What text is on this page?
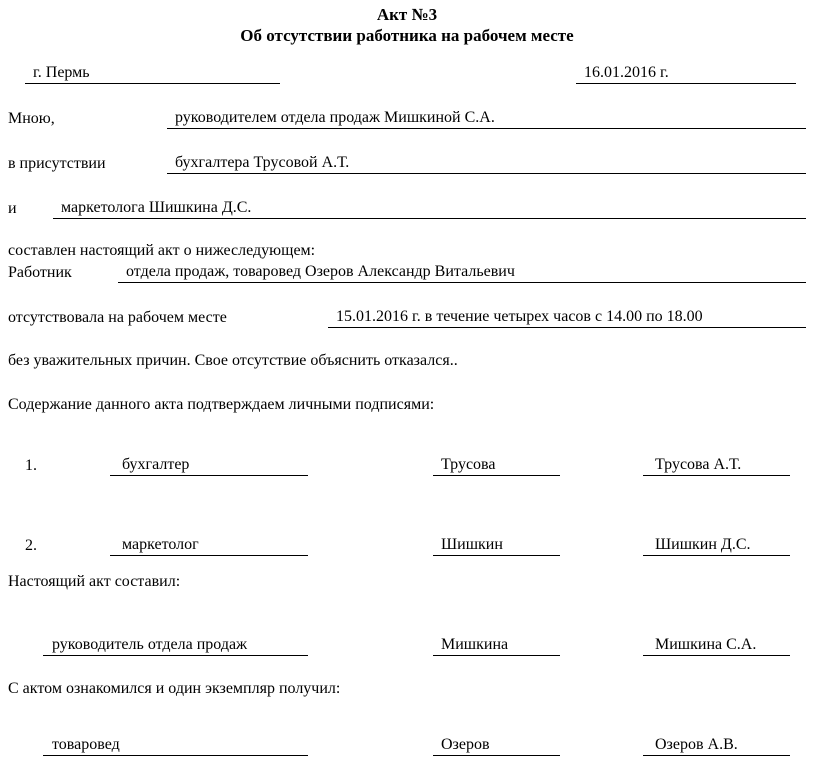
Акт №3
Об отсутствии работника на рабочем месте
г. Пермь	16.01.2016 г.
Мною,	руководителем отдела продаж Мишкиной С.А.
в присутствии	бухгалтера Трусовой А.Т.
и	маркетолога Шишкина Д.С.
составлен настоящий акт о нижеследующем:
Работник	отдела продаж, товаровед Озеров Александр Витальевич
отсутствовала на рабочем месте	15.01.2016 г. в течение четырех часов с 14.00 по 18.00
без уважительных причин. Свое отсутствие объяснить отказался..
Содержание данного акта подтверждаем личными подписями:
1.	бухгалтер	Трусова	Трусова А.Т.
2.	маркетолог	Шишкин	Шишкин Д.С.
Настоящий акт составил:
руководитель отдела продаж	Мишкина	Мишкина С.А.
С актом ознакомился и один экземпляр получил:
товаровед	Озеров	Озеров А.В.
